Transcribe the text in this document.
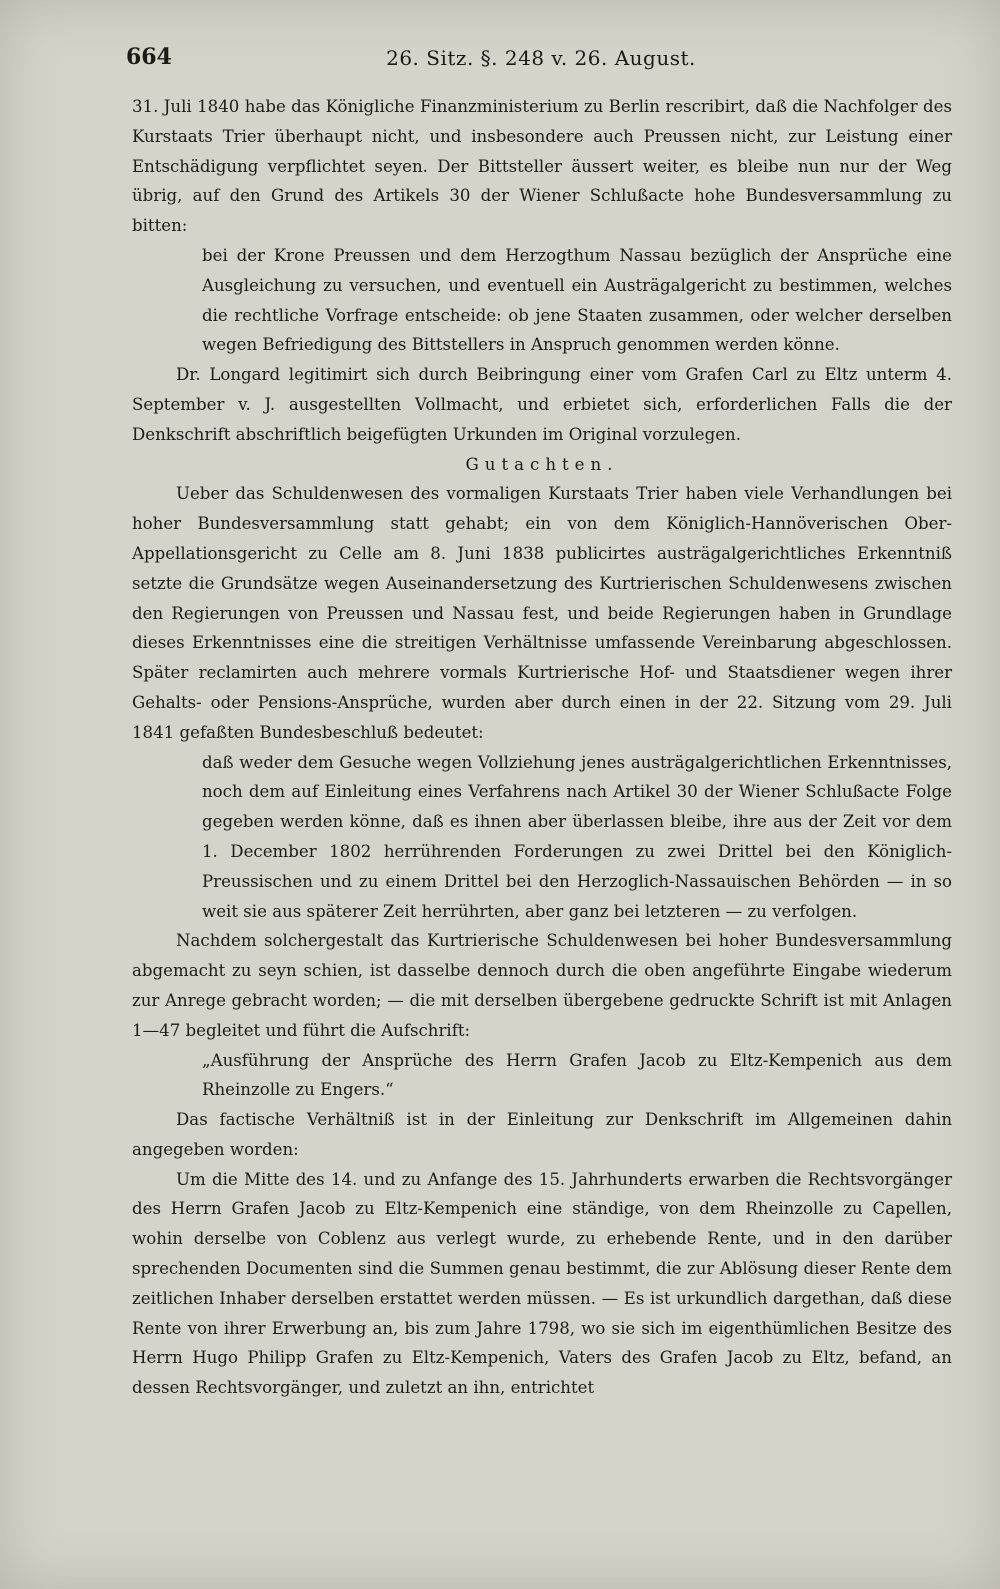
664	26. Sitz. §. 248 v. 26. August.

31. Juli 1840 habe das Königliche Finanzministerium zu Berlin rescribirt, daß die Nachfolger des Kurstaats Trier überhaupt nicht, und insbesondere auch Preussen nicht, zur Leistung einer Entschädigung verpflichtet seyen. Der Bittsteller äussert weiter, es bleibe nun nur der Weg übrig, auf den Grund des Artikels 30 der Wiener Schlußacte hohe Bundesversammlung zu bitten:

bei der Krone Preussen und dem Herzogthum Nassau bezüglich der Ansprüche eine Ausgleichung zu versuchen, und eventuell ein Austrägalgericht zu bestimmen, welches die rechtliche Vorfrage entscheide: ob jene Staaten zusammen, oder welcher derselben wegen Befriedigung des Bittstellers in Anspruch genommen werden könne.

Dr. Longard legitimirt sich durch Beibringung einer vom Grafen Carl zu Eltz unterm 4. September v. J. ausgestellten Vollmacht, und erbietet sich, erforderlichen Falls die der Denkschrift abschriftlich beigefügten Urkunden im Original vorzulegen.

Gutachten.

Ueber das Schuldenwesen des vormaligen Kurstaats Trier haben viele Verhandlungen bei hoher Bundesversammlung statt gehabt; ein von dem Königlich-Hannöverischen Ober-Appellationsgericht zu Celle am 8. Juni 1838 publicirtes austrägalgerichtliches Erkenntniß setzte die Grundsätze wegen Auseinandersetzung des Kurtrierischen Schuldenwesens zwischen den Regierungen von Preussen und Nassau fest, und beide Regierungen haben in Grundlage dieses Erkenntnisses eine die streitigen Verhältnisse umfassende Vereinbarung abgeschlossen. Später reclamirten auch mehrere vormals Kurtrierische Hof- und Staatsdiener wegen ihrer Gehalts- oder Pensions-Ansprüche, wurden aber durch einen in der 22. Sitzung vom 29. Juli 1841 gefaßten Bundesbeschluß bedeutet:

daß weder dem Gesuche wegen Vollziehung jenes austrägalgerichtlichen Erkenntnisses, noch dem auf Einleitung eines Verfahrens nach Artikel 30 der Wiener Schlußacte Folge gegeben werden könne, daß es ihnen aber überlassen bleibe, ihre aus der Zeit vor dem 1. December 1802 herrührenden Forderungen zu zwei Drittel bei den Königlich-Preussischen und zu einem Drittel bei den Herzoglich-Nassauischen Behörden — in so weit sie aus späterer Zeit herrührten, aber ganz bei letzteren — zu verfolgen.

Nachdem solchergestalt das Kurtrierische Schuldenwesen bei hoher Bundesversammlung abgemacht zu seyn schien, ist dasselbe dennoch durch die oben angeführte Eingabe wiederum zur Anrege gebracht worden; — die mit derselben übergebene gedruckte Schrift ist mit Anlagen 1—47 begleitet und führt die Aufschrift:

„Ausführung der Ansprüche des Herrn Grafen Jacob zu Eltz-Kempenich aus dem Rheinzolle zu Engers.“

Das factische Verhältniß ist in der Einleitung zur Denkschrift im Allgemeinen dahin angegeben worden:

Um die Mitte des 14. und zu Anfange des 15. Jahrhunderts erwarben die Rechtsvorgänger des Herrn Grafen Jacob zu Eltz-Kempenich eine ständige, von dem Rheinzolle zu Capellen, wohin derselbe von Coblenz aus verlegt wurde, zu erhebende Rente, und in den darüber sprechenden Documenten sind die Summen genau bestimmt, die zur Ablösung dieser Rente dem zeitlichen Inhaber derselben erstattet werden müssen. — Es ist urkundlich dargethan, daß diese Rente von ihrer Erwerbung an, bis zum Jahre 1798, wo sie sich im eigenthümlichen Besitze des Herrn Hugo Philipp Grafen zu Eltz-Kempenich, Vaters des Grafen Jacob zu Eltz, befand, an dessen Rechtsvorgänger, und zuletzt an ihn, entrichtet
